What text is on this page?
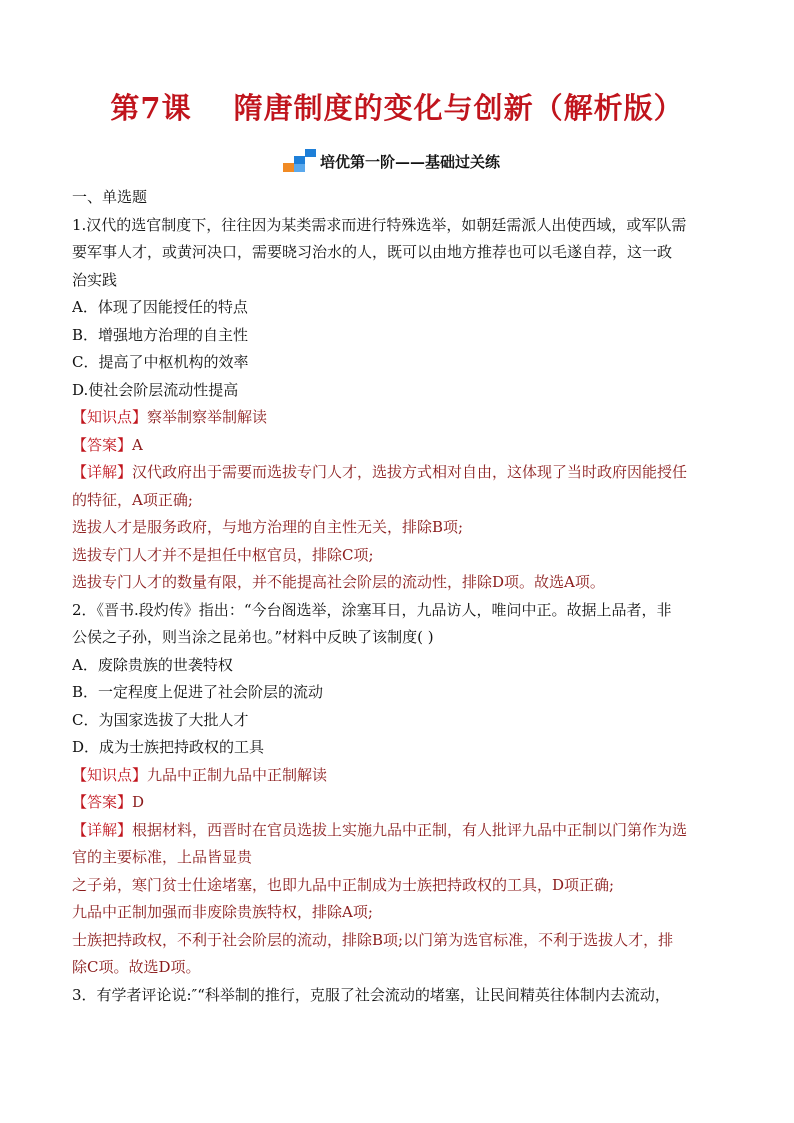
第7课 隋唐制度的变化与创新（解析版）
培优第一阶——基础过关练
一、单选题
1.汉代的选官制度下，往往因为某类需求而进行特殊选举，如朝廷需派人出使西域，或军队需
要军事人才，或黄河决口，需要晓习治水的人，既可以由地方推荐也可以毛遂自荐，这一政
治实践
A．体现了因能授任的特点
B．增强地方治理的自主性
C．提高了中枢机构的效率
D.使社会阶层流动性提高
【知识点】察举制察举制解读
【答案】A
【详解】汉代政府出于需要而选拔专门人才，选拔方式相对自由，这体现了当时政府因能授任
的特征，A项正确;
选拔人才是服务政府，与地方治理的自主性无关，排除B项;
选拔专门人才并不是担任中枢官员，排除C项;
选拔专门人才的数量有限，并不能提高社会阶层的流动性，排除D项。故选A项。
2．《晋书.段灼传》指出：“今台阁选举，涂塞耳日，九品访人，唯问中正。故据上品者，非
公侯之子孙，则当涂之昆弟也。”材料中反映了该制度( )
A．废除贵族的世袭特权
B．一定程度上促进了社会阶层的流动
C．为国家选拔了大批人才
D．成为士族把持政权的工具
【知识点】九品中正制九品中正制解读
【答案】D
【详解】根据材料，西晋时在官员选拔上实施九品中正制，有人批评九品中正制以门第作为选
官的主要标准，上品皆显贵
之子弟，寒门贫士仕途堵塞，也即九品中正制成为士族把持政权的工具，D项正确;
九品中正制加强而非废除贵族特权，排除A项;
士族把持政权，不利于社会阶层的流动，排除B项;以门第为选官标准，不利于选拔人才，排
除C项。故选D项。
3．有学者评论说:″“科举制的推行，克服了社会流动的堵塞，让民间精英往体制内去流动，
